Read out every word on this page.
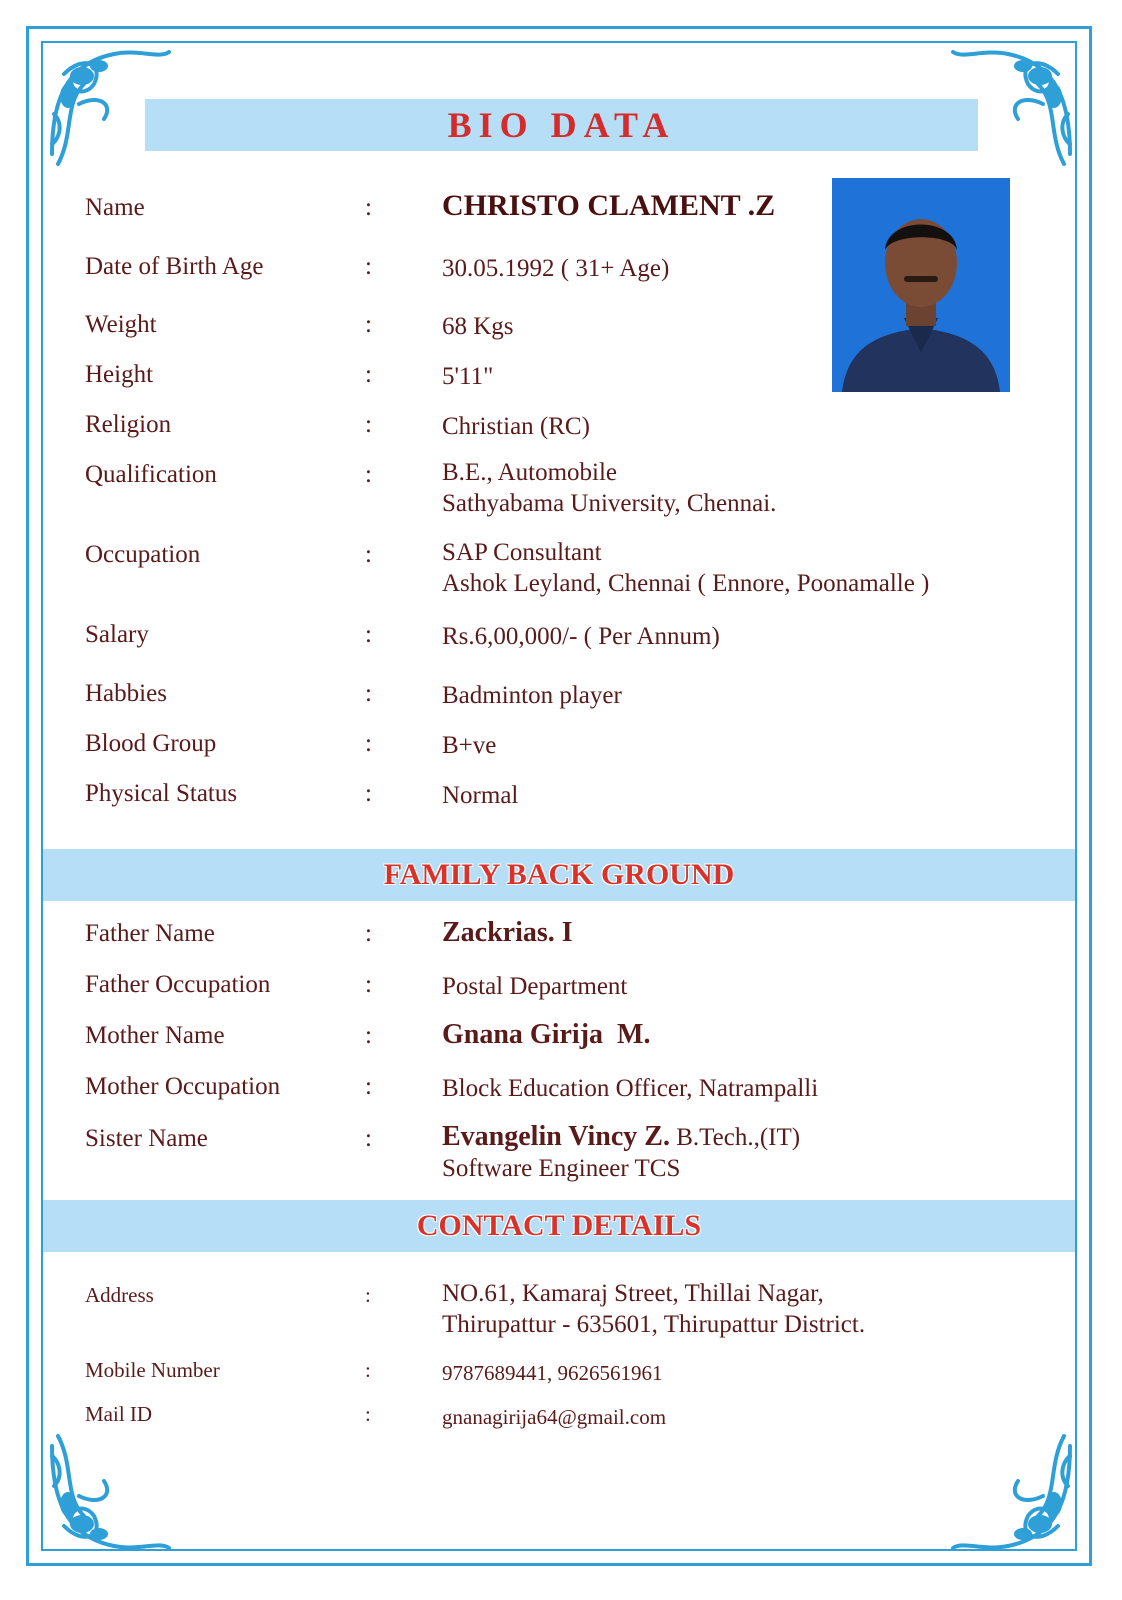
BIO DATA
Name	: CHRISTO CLAMENT .Z
Date of Birth Age	:	30.05.1992 ( 31+ Age)
Weight	:	68 Kgs
Height	:	5'11"
Religion	:	Christian (RC)
Qualification	:	B.E., Automobile
Sathyabama University, Chennai.
Occupation	:	SAP Consultant
Ashok Leyland, Chennai ( Ennore, Poonamalle )
Salary	:	Rs.6,00,000/- ( Per Annum)
Habbies	:	Badminton player
Blood Group	:	B+ve
Physical Status	:	Normal
FAMILY BACK GROUND
Father Name	:	Zackrias. I
Father Occupation	:	Postal Department
Mother Name	:	Gnana Girija  M.
Mother Occupation	:	Block Education Officer, Natrampalli
Sister Name	:	Evangelin Vincy Z. B.Tech.,(IT)
Software Engineer TCS
CONTACT DETAILS
Address	:	NO.61, Kamaraj Street, Thillai Nagar,
Thirupattur - 635601, Thirupattur District.
Mobile Number	:	9787689441, 9626561961
Mail ID	:	gnanagirija64@gmail.com
